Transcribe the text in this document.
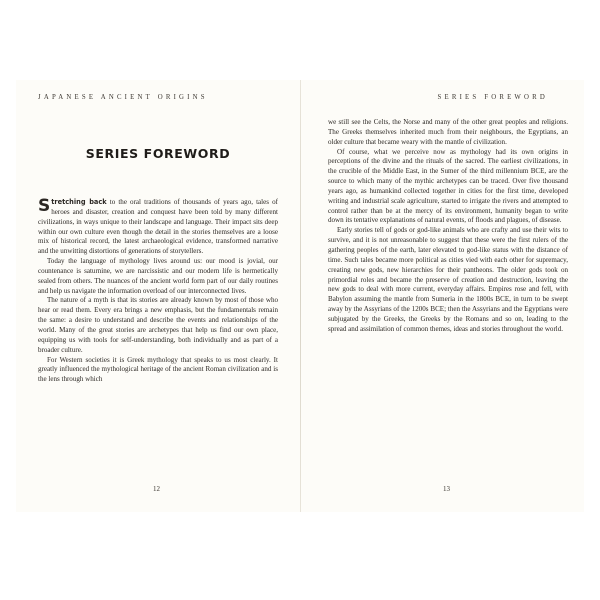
JAPANESE ANCIENT ORIGINS
SERIES FOREWORD

Stretching back to the oral traditions of thousands of years ago, tales of heroes and disaster, creation and conquest have been told by many different civilizations, in ways unique to their landscape and language. Their impact sits deep within our own culture even though the detail in the stories themselves are a loose mix of historical record, the latest archaeological evidence, transformed narrative and the unwitting distortions of generations of storytellers.

Today the language of mythology lives around us: our mood is jovial, our countenance is saturnine, we are narcissistic and our modern life is hermetically sealed from others. The nuances of the ancient world form part of our daily routines and help us navigate the information overload of our interconnected lives.

The nature of a myth is that its stories are already known by most of those who hear or read them. Every era brings a new emphasis, but the fundamentals remain the same: a desire to understand and describe the events and relationships of the world. Many of the great stories are archetypes that help us find our own place, equipping us with tools for self-understanding, both individually and as part of a broader culture.

For Western societies it is Greek mythology that speaks to us most clearly. It greatly influenced the mythological heritage of the ancient Roman civilization and is the lens through which

12
SERIES FOREWORD

we still see the Celts, the Norse and many of the other great peoples and religions. The Greeks themselves inherited much from their neighbours, the Egyptians, an older culture that became weary with the mantle of civilization.

Of course, what we perceive now as mythology had its own origins in perceptions of the divine and the rituals of the sacred. The earliest civilizations, in the crucible of the Middle East, in the Sumer of the third millennium BCE, are the source to which many of the mythic archetypes can be traced. Over five thousand years ago, as humankind collected together in cities for the first time, developed writing and industrial scale agriculture, started to irrigate the rivers and attempted to control rather than be at the mercy of its environment, humanity began to write down its tentative explanations of natural events, of floods and plagues, of disease.

Early stories tell of gods or god-like animals who are crafty and use their wits to survive, and it is not unreasonable to suggest that these were the first rulers of the gathering peoples of the earth, later elevated to god-like status with the distance of time. Such tales became more political as cities vied with each other for supremacy, creating new gods, new hierarchies for their pantheons. The older gods took on primordial roles and became the preserve of creation and destruction, leaving the new gods to deal with more current, everyday affairs. Empires rose and fell, with Babylon assuming the mantle from Sumeria in the 1800s BCE, in turn to be swept away by the Assyrians of the 1200s BCE; then the Assyrians and the Egyptians were subjugated by the Greeks, the Greeks by the Romans and so on, leading to the spread and assimilation of common themes, ideas and stories throughout the world.

13
